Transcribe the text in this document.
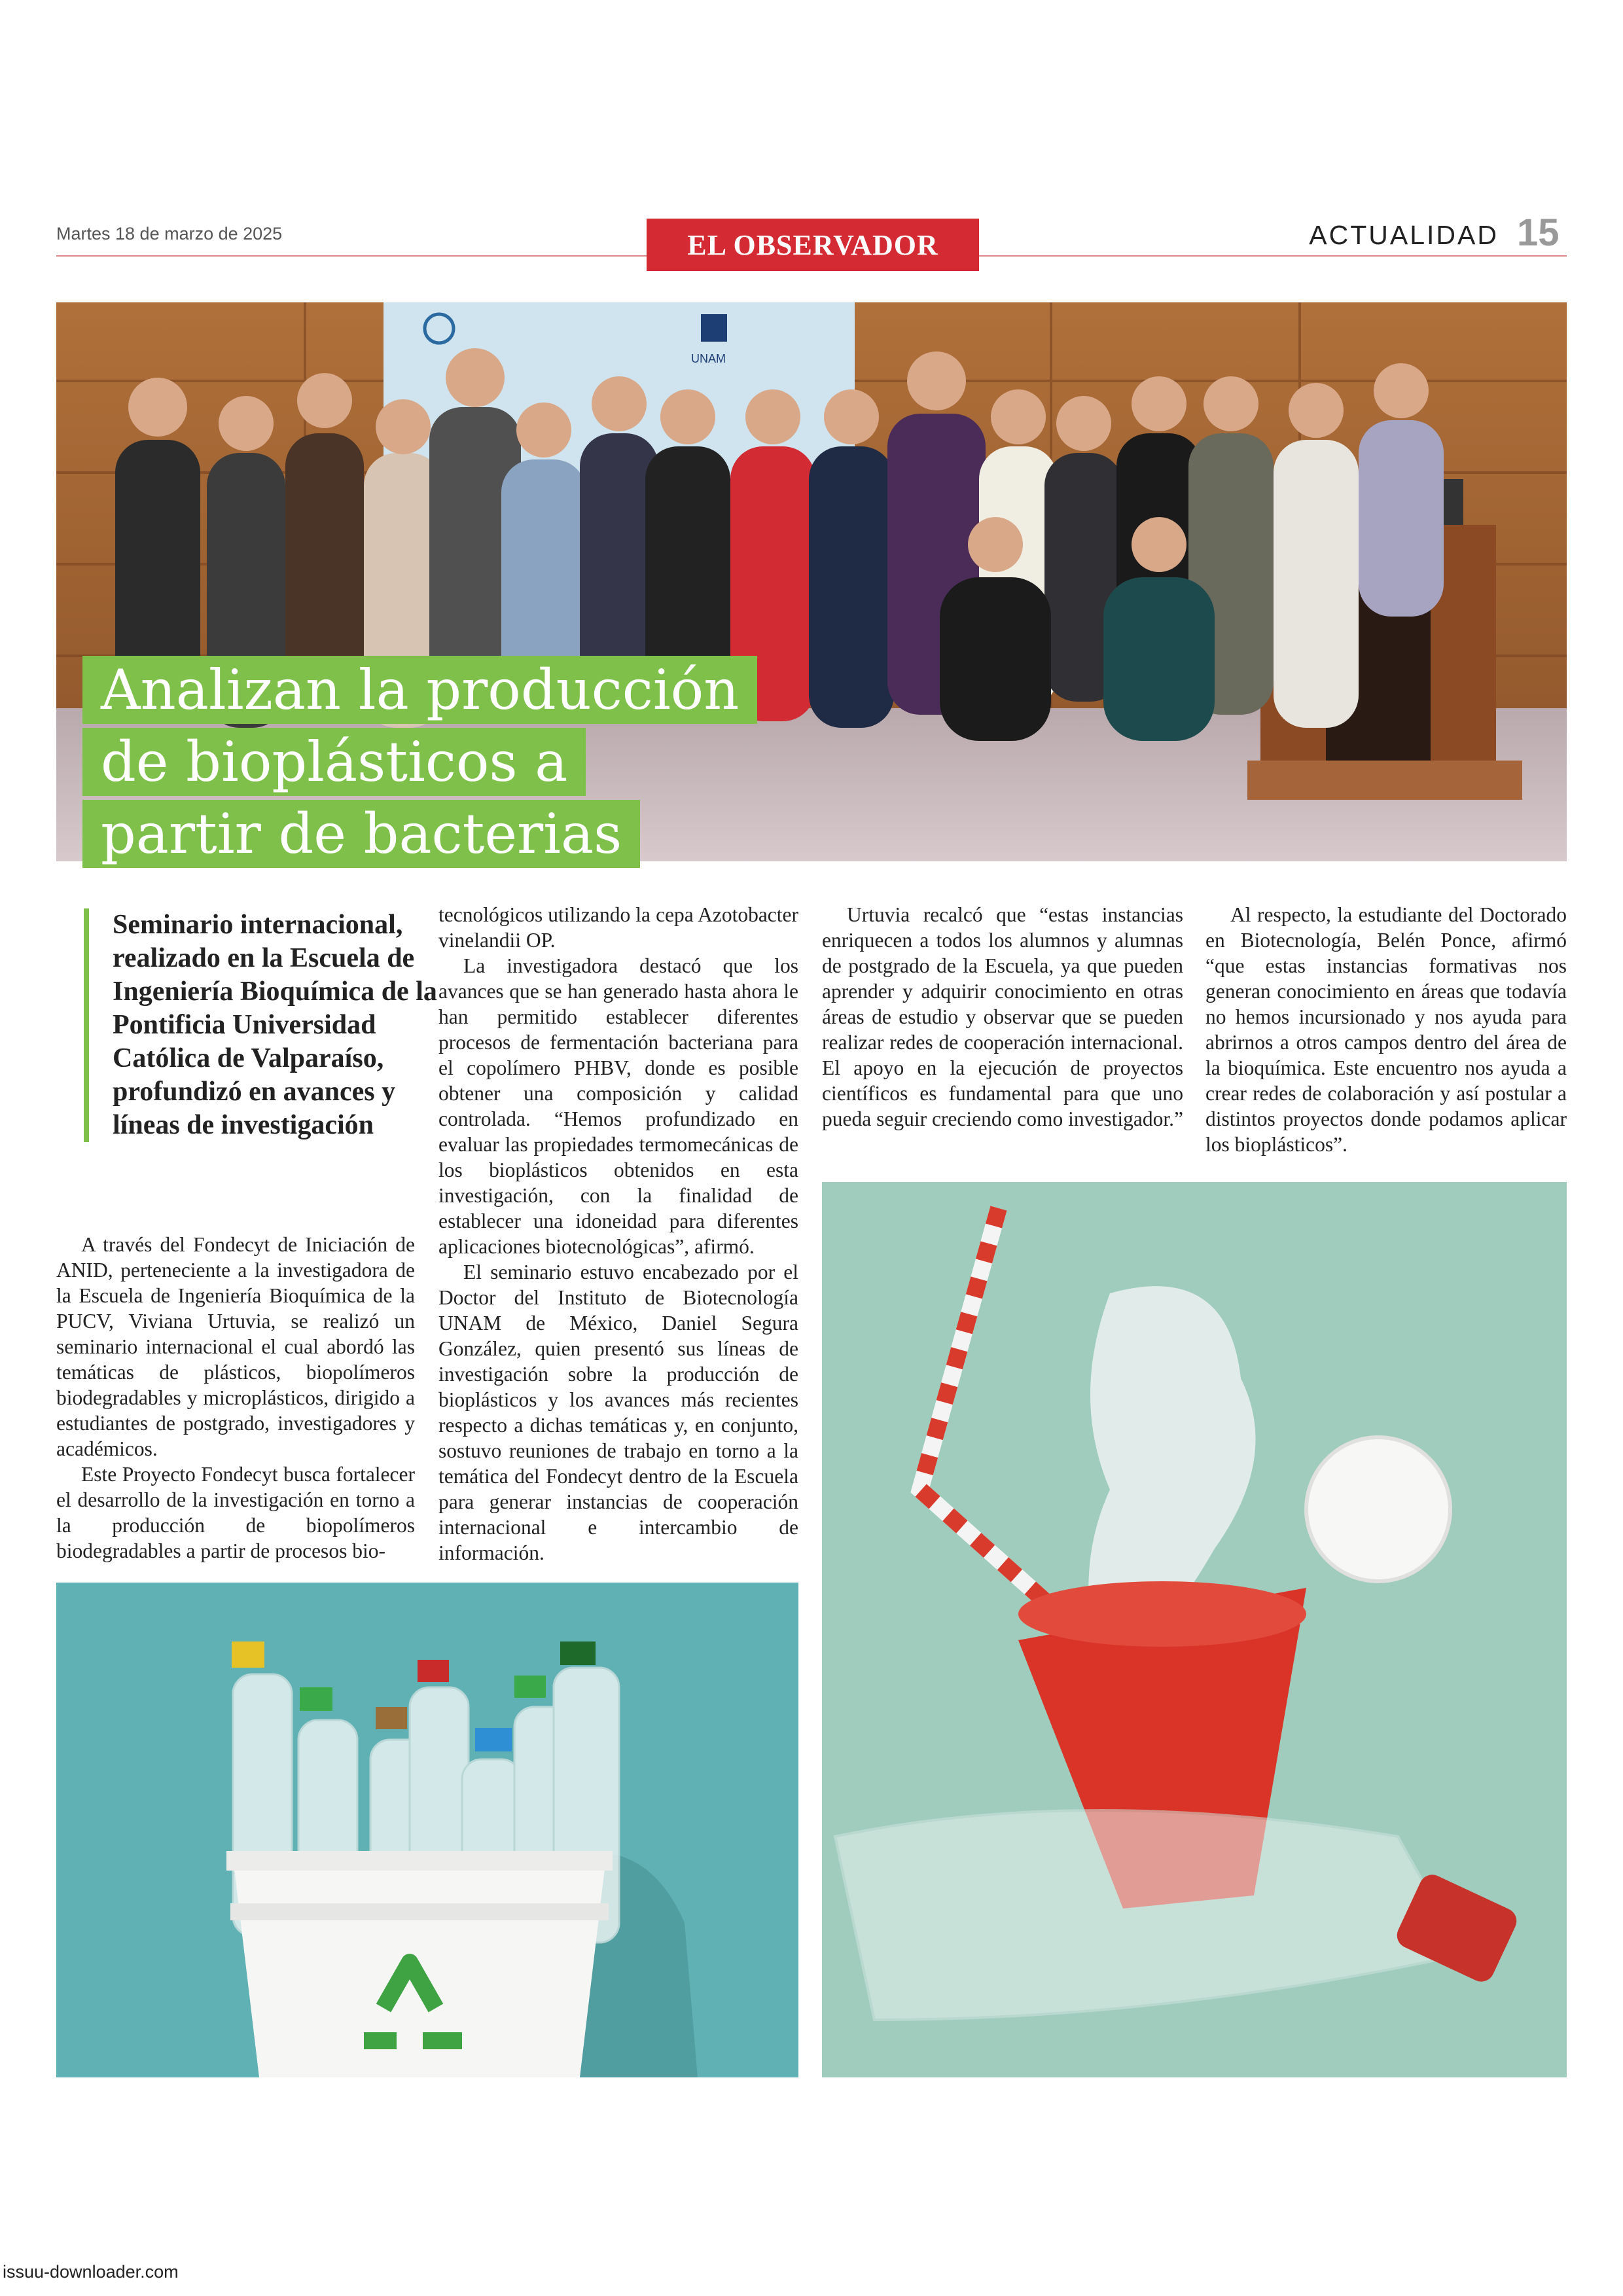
Martes 18 de marzo de 2025	EL OBSERVADOR	ACTUALIDAD 15
UNAM
Analizan la producción
de bioplásticos a
partir de bacterias
Seminario internacional, realizado en la Escuela de Ingeniería Bioquímica de la Pontificia Universidad Católica de Valparaíso, profundizó en avances y líneas de investigación

A través del Fondecyt de Iniciación de ANID, perteneciente a la investigadora de la Escuela de Ingeniería Bioquímica de la PUCV, Viviana Urtuvia, se realizó un seminario internacional el cual abordó las temáticas de plásticos, biopolímeros biodegradables y microplásticos, dirigido a estudiantes de postgrado, investigadores y académicos.

Este Proyecto Fondecyt busca fortalecer el desarrollo de la investigación en torno a la producción de biopolímeros biodegradables a partir de procesos bio-

tecnológicos utilizando la cepa Azotobacter vinelandii OP.

La investigadora destacó que los avances que se han generado hasta ahora le han permitido establecer diferentes procesos de fermentación bacteriana para el copolímero PHBV, donde es posible obtener una composición y calidad controlada. “Hemos profundizado en evaluar las propiedades termomecánicas de los bioplásticos obtenidos en esta investigación, con la finalidad de establecer una idoneidad para diferentes aplicaciones biotecnológicas”, afirmó.

El seminario estuvo encabezado por el Doctor del Instituto de Biotecnología UNAM de México, Daniel Segura González, quien presentó sus líneas de investigación sobre la producción de bioplásticos y los avances más recientes respecto a dichas temáticas y, en conjunto, sostuvo reuniones de trabajo en torno a la temática del Fondecyt dentro de la Escuela para generar instancias de cooperación internacional e intercambio de información.

Urtuvia recalcó que “estas instancias enriquecen a todos los alumnos y alumnas de postgrado de la Escuela, ya que pueden aprender y adquirir conocimiento en otras áreas de estudio y observar que se pueden realizar redes de cooperación internacional. El apoyo en la ejecución de proyectos científicos es fundamental para que uno pueda seguir creciendo como investigador.”

Al respecto, la estudiante del Doctorado en Biotecnología, Belén Ponce, afirmó “que estas instancias formativas nos generan conocimiento en áreas que todavía no hemos incursionado y nos ayuda para abrirnos a otros campos dentro del área de la bioquímica. Este encuentro nos ayuda a crear redes de colaboración y así postular a distintos proyectos donde podamos aplicar los bioplásticos”.

issuu-downloader.com
